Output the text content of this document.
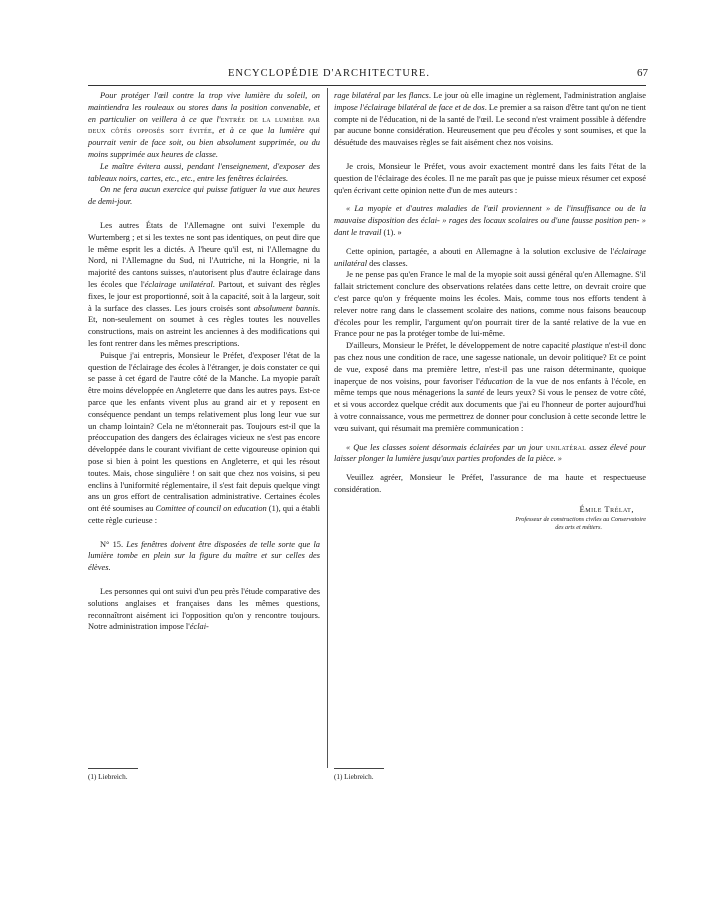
ENCYCLOPÉDIE D'ARCHITECTURE.	67

Pour protéger l'œil contre la trop vive lumière du soleil, on maintiendra les rouleaux ou stores dans la position convenable, et en particulier on veillera à ce que l'entrée de la lumière par deux côtés opposés soit évitée, et à ce que la lumière qui pourrait venir de face soit, ou bien absolument supprimée, ou du moins supprimée aux heures de classe.

Le maître évitera aussi, pendant l'enseignement, d'exposer des tableaux noirs, cartes, etc., etc., entre les fenêtres éclairées.

On ne fera aucun exercice qui puisse fatiguer la vue aux heures de demi-jour.

Les autres États de l'Allemagne ont suivi l'exemple du Wurtemberg ; et si les textes ne sont pas identiques, on peut dire que le même esprit les a dictés. A l'heure qu'il est, ni l'Allemagne du Nord, ni l'Allemagne du Sud, ni l'Autriche, ni la Hongrie, ni la majorité des cantons suisses, n'autorisent plus d'autre éclairage dans les écoles que l'éclairage unilatéral. Partout, et suivant des règles fixes, le jour est proportionné, soit à la capacité, soit à la largeur, soit à la surface des classes. Les jours croisés sont absolument bannis. Et, non-seulement on soumet à ces règles toutes les nouvelles constructions, mais on astreint les anciennes à des modifications qui les font rentrer dans les mêmes prescriptions.

Puisque j'ai entrepris, Monsieur le Préfet, d'exposer l'état de la question de l'éclairage des écoles à l'étranger, je dois constater ce qui se passe à cet égard de l'autre côté de la Manche. La myopie paraît être moins développée en Angleterre que dans les autres pays. Est-ce parce que les enfants vivent plus au grand air et y reposent en conséquence pendant un temps relativement plus long leur vue sur un champ lointain? Cela ne m'étonnerait pas. Toujours est-il que la préoccupation des dangers des éclairages vicieux ne s'est pas encore développée dans le courant vivifiant de cette vigoureuse opinion qui pose si bien à point les questions en Angleterre, et qui les résout toutes. Mais, chose singulière ! on sait que chez nos voisins, si peu enclins à l'uniformité réglementaire, il s'est fait depuis quelque vingt ans un gros effort de centralisation administrative. Certaines écoles ont été soumises au Comittee of council on education (1), qui a établi cette règle curieuse :

N° 15. Les fenêtres doivent être disposées de telle sorte que la lumière tombe en plein sur la figure du maître et sur celles des élèves.

Les personnes qui ont suivi d'un peu près l'étude comparative des solutions anglaises et françaises dans les mêmes questions, reconnaîtront aisément ici l'opposition qu'on y rencontre toujours. Notre administration impose l'éclai-

(1) Liebreich.

rage bilatéral par les flancs. Le jour où elle imagine un règlement, l'administration anglaise impose l'éclairage bilatéral de face et de dos. Le premier a sa raison d'être tant qu'on ne tient compte ni de l'éducation, ni de la santé de l'œil. Le second n'est vraiment possible à défendre par aucune bonne considération. Heureusement que peu d'écoles y sont soumises, et que la désuétude des mauvaises règles se fait aisément chez nos voisins.

Je crois, Monsieur le Préfet, vous avoir exactement montré dans les faits l'état de la question de l'éclairage des écoles. Il ne me paraît pas que je puisse mieux résumer cet exposé qu'en écrivant cette opinion nette d'un de mes auteurs :

« La myopie et d'autres maladies de l'œil proviennent » de l'insuffisance ou de la mauvaise disposition des éclai- » rages des locaux scolaires ou d'une fausse position pen- » dant le travail (1). »

Cette opinion, partagée, a abouti en Allemagne à la solution exclusive de l'éclairage unilatéral des classes.

Je ne pense pas qu'en France le mal de la myopie soit aussi général qu'en Allemagne. S'il fallait strictement conclure des observations relatées dans cette lettre, on devrait croire que c'est parce qu'on y fréquente moins les écoles. Mais, comme tous nos efforts tendent à relever notre rang dans le classement scolaire des nations, comme nous faisons beaucoup d'écoles pour les remplir, l'argument qu'on pourrait tirer de la santé relative de la vue en France pour ne pas la protéger tombe de lui-même.

D'ailleurs, Monsieur le Préfet, le développement de notre capacité plastique n'est-il donc pas chez nous une condition de race, une sagesse nationale, un devoir politique? Et ce point de vue, exposé dans ma première lettre, n'est-il pas une raison déterminante, quoique inaperçue de nos voisins, pour favoriser l'éducation de la vue de nos enfants à l'école, en même temps que nous ménagerions la santé de leurs yeux? Si vous le pensez de votre côté, et si vous accordez quelque crédit aux documents que j'ai eu l'honneur de porter aujourd'hui à votre connaissance, vous me permettrez de donner pour conclusion à cette seconde lettre le vœu suivant, qui résumait ma première communication :

« Que les classes soient désormais éclairées par un jour unilatéral assez élevé pour laisser plonger la lumière jusqu'aux parties profondes de la pièce. »

Veuillez agréer, Monsieur le Préfet, l'assurance de ma haute et respectueuse considération.

Émile Trélat,

Professeur de constructions civiles au Conservatoire

des arts et métiers.

(1) Liebreich.
